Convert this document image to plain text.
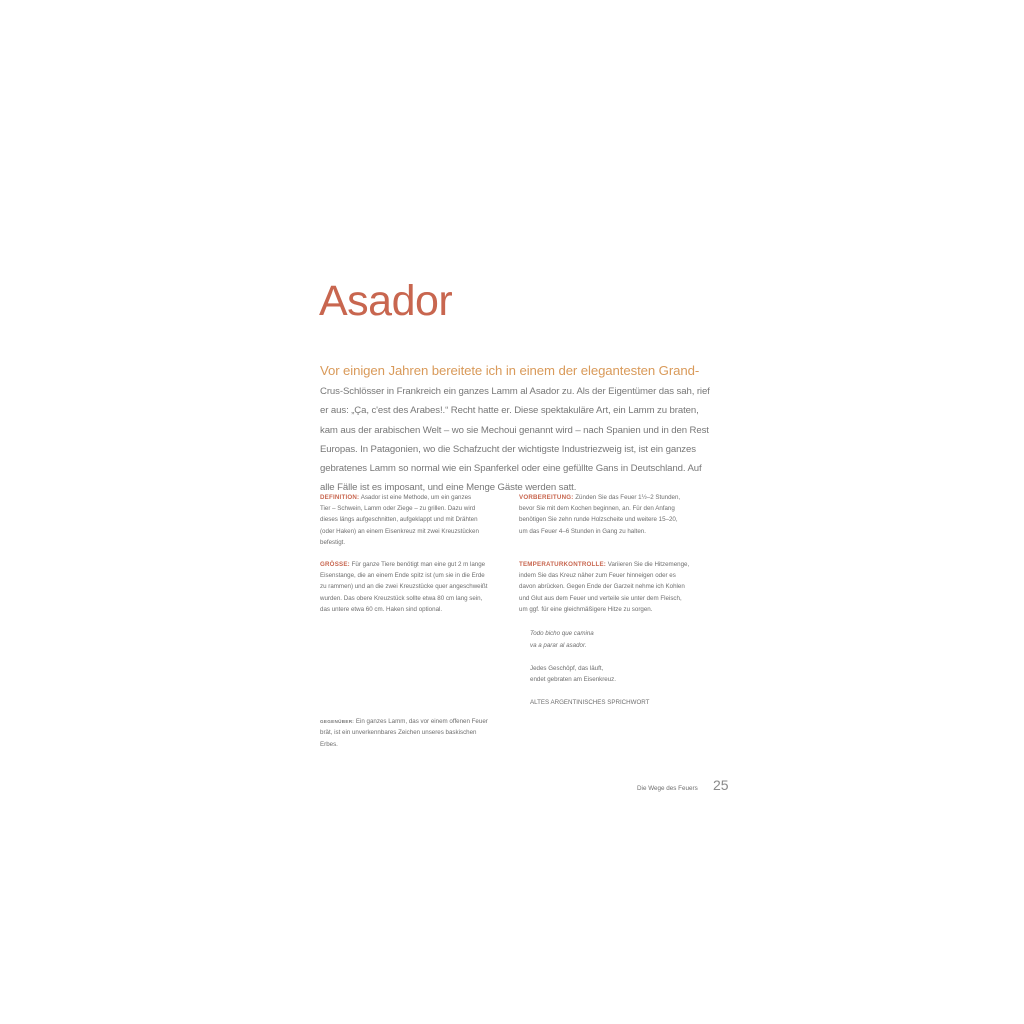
Asador
Vor einigen Jahren bereitete ich in einem der elegantesten Grand-
Crus-Schlösser in Frankreich ein ganzes Lamm al Asador zu. Als der Eigentümer das sah, rief
er aus: „Ça, c'est des Arabes!.“ Recht hatte er. Diese spektakuläre Art, ein Lamm zu braten,
kam aus der arabischen Welt – wo sie Mechoui genannt wird – nach Spanien und in den Rest
Europas. In Patagonien, wo die Schafzucht der wichtigste Industriezweig ist, ist ein ganzes
gebratenes Lamm so normal wie ein Spanferkel oder eine gefüllte Gans in Deutschland. Auf
alle Fälle ist es imposant, und eine Menge Gäste werden satt.
DEFINITION: Asador ist eine Methode, um ein ganzes
Tier – Schwein, Lamm oder Ziege – zu grillen. Dazu wird
dieses längs aufgeschnitten, aufgeklappt und mit Drähten
(oder Haken) an einem Eisenkreuz mit zwei Kreuzstücken
befestigt.
GRÖSSE: Für ganze Tiere benötigt man eine gut 2 m lange
Eisenstange, die an einem Ende spitz ist (um sie in die Erde
zu rammen) und an die zwei Kreuzstücke quer angeschweißt
wurden. Das obere Kreuzstück sollte etwa 80 cm lang sein,
das untere etwa 60 cm. Haken sind optional.
VORBEREITUNG: Zünden Sie das Feuer 1½–2 Stunden,
bevor Sie mit dem Kochen beginnen, an. Für den Anfang
benötigen Sie zehn runde Holzscheite und weitere 15–20,
um das Feuer 4–6 Stunden in Gang zu halten.
TEMPERATURKONTROLLE: Variieren Sie die Hitzemenge,
indem Sie das Kreuz näher zum Feuer hinneigen oder es
davon abrücken. Gegen Ende der Garzeit nehme ich Kohlen
und Glut aus dem Feuer und verteile sie unter dem Fleisch,
um ggf. für eine gleichmäßigere Hitze zu sorgen.
Todo bicho que camina
va a parar al asador.
Jedes Geschöpf, das läuft,
endet gebraten am Eisenkreuz.
ALTES ARGENTINISCHES SPRICHWORT
GEGENÜBER: Ein ganzes Lamm, das vor einem offenen Feuer
brät, ist ein unverkennbares Zeichen unseres baskischen
Erbes.
Die Wege des Feuers 25
